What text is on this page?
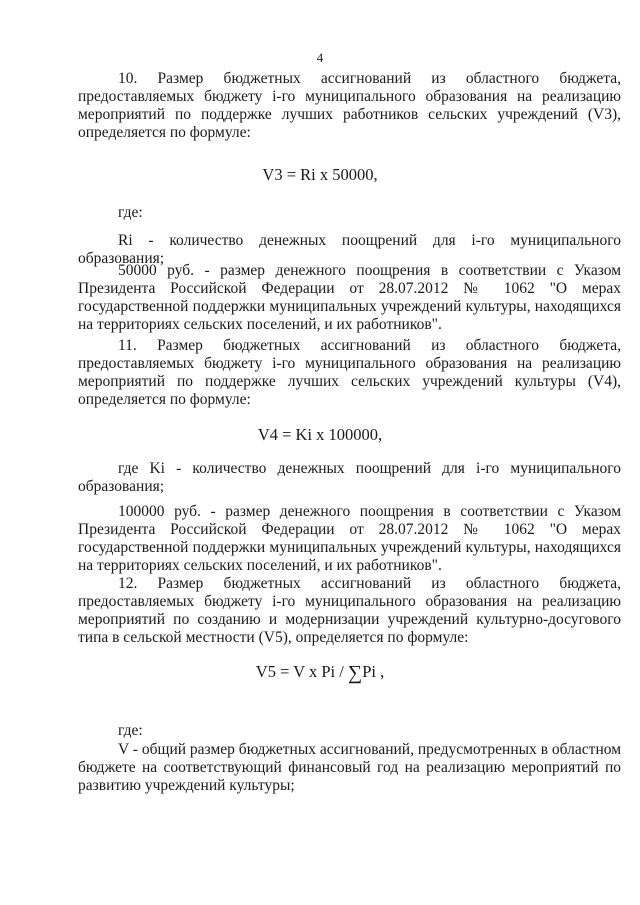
4
10. Размер бюджетных ассигнований из областного бюджета, предоставляемых бюджету i-го муниципального образования на реализацию мероприятий по поддержке лучших работников сельских учреждений (V3), определяется по формуле:
V3 = Ri x 50000,
где:
Ri - количество денежных поощрений для i-го муниципального образования;
50000 руб. - размер денежного поощрения в соответствии с Указом Президента Российской Федерации от 28.07.2012 № 1062 "О мерах государственной поддержки муниципальных учреждений культуры, находящихся на территориях сельских поселений, и их работников".
11. Размер бюджетных ассигнований из областного бюджета, предоставляемых бюджету i-го муниципального образования на реализацию мероприятий по поддержке лучших сельских учреждений культуры (V4), определяется по формуле:
V4 = Ki x 100000,
где Ki - количество денежных поощрений для i-го муниципального образования;
100000 руб. - размер денежного поощрения в соответствии с Указом Президента Российской Федерации от 28.07.2012 № 1062 "О мерах государственной поддержки муниципальных учреждений культуры, находящихся на территориях сельских поселений, и их работников".
12. Размер бюджетных ассигнований из областного бюджета, предоставляемых бюджету i-го муниципального образования на реализацию мероприятий по созданию и модернизации учреждений культурно-досугового типа в сельской местности (V5), определяется по формуле:
V5 = V x Pi / ∑Pi ,
где:
V - общий размер бюджетных ассигнований, предусмотренных в областном бюджете на соответствующий финансовый год на реализацию мероприятий по развитию учреждений культуры;
